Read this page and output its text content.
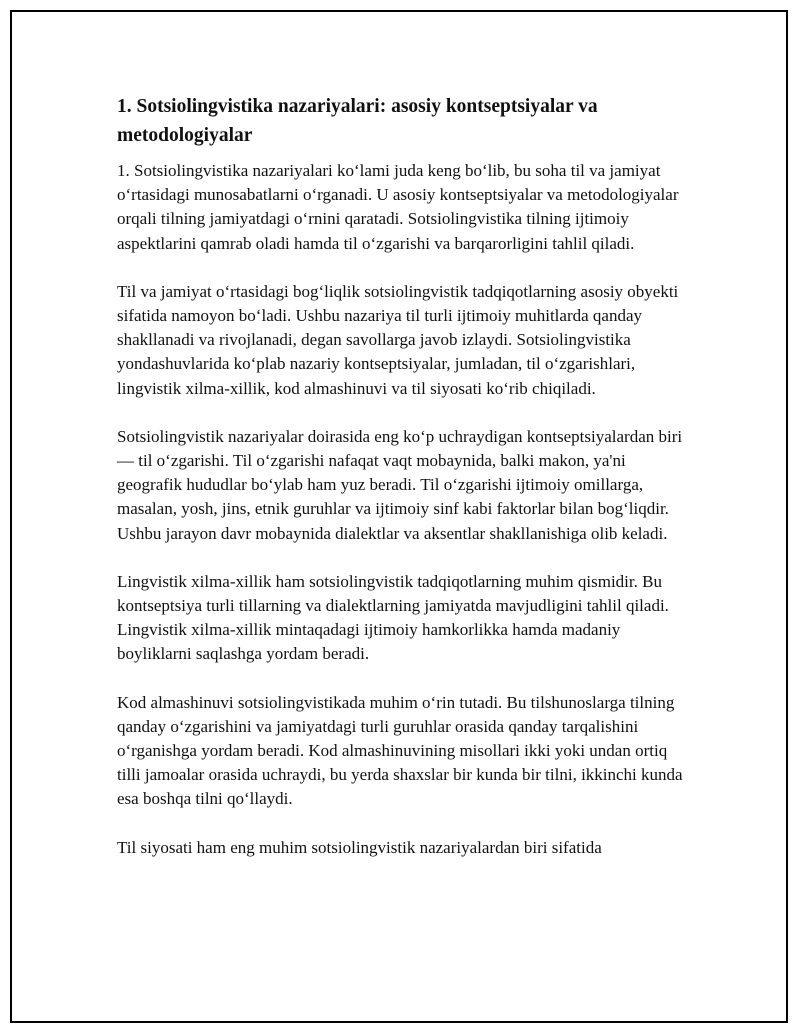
1. Sotsiolingvistika nazariyalari: asosiy kontseptsiyalar va metodologiyalar

1. Sotsiolingvistika nazariyalari ko‘lami juda keng bo‘lib, bu soha til va jamiyat o‘rtasidagi munosabatlarni o‘rganadi. U asosiy kontseptsiyalar va metodologiyalar orqali tilning jamiyatdagi o‘rnini qaratadi. Sotsiolingvistika tilning ijtimoiy aspektlarini qamrab oladi hamda til o‘zgarishi va barqarorligini tahlil qiladi.

Til va jamiyat o‘rtasidagi bog‘liqlik sotsiolingvistik tadqiqotlarning asosiy obyekti sifatida namoyon bo‘ladi. Ushbu nazariya til turli ijtimoiy muhitlarda qanday shakllanadi va rivojlanadi, degan savollarga javob izlaydi. Sotsiolingvistika yondashuvlarida ko‘plab nazariy kontseptsiyalar, jumladan, til o‘zgarishlari, lingvistik xilma-xillik, kod almashinuvi va til siyosati ko‘rib chiqiladi.

Sotsiolingvistik nazariyalar doirasida eng ko‘p uchraydigan kontseptsiyalardan biri — til o‘zgarishi. Til o‘zgarishi nafaqat vaqt mobaynida, balki makon, ya'ni geografik hududlar bo‘ylab ham yuz beradi. Til o‘zgarishi ijtimoiy omillarga, masalan, yosh, jins, etnik guruhlar va ijtimoiy sinf kabi faktorlar bilan bog‘liqdir. Ushbu jarayon davr mobaynida dialektlar va aksentlar shakllanishiga olib keladi.

Lingvistik xilma-xillik ham sotsiolingvistik tadqiqotlarning muhim qismidir. Bu kontseptsiya turli tillarning va dialektlarning jamiyatda mavjudligini tahlil qiladi. Lingvistik xilma-xillik mintaqadagi ijtimoiy hamkorlikka hamda madaniy boyliklarni saqlashga yordam beradi.

Kod almashinuvi sotsiolingvistikada muhim o‘rin tutadi. Bu tilshunoslarga tilning qanday o‘zgarishini va jamiyatdagi turli guruhlar orasida qanday tarqalishini o‘rganishga yordam beradi. Kod almashinuvining misollari ikki yoki undan ortiq tilli jamoalar orasida uchraydi, bu yerda shaxslar bir kunda bir tilni, ikkinchi kunda esa boshqa tilni qo‘llaydi.

Til siyosati ham eng muhim sotsiolingvistik nazariyalardan biri sifatida
